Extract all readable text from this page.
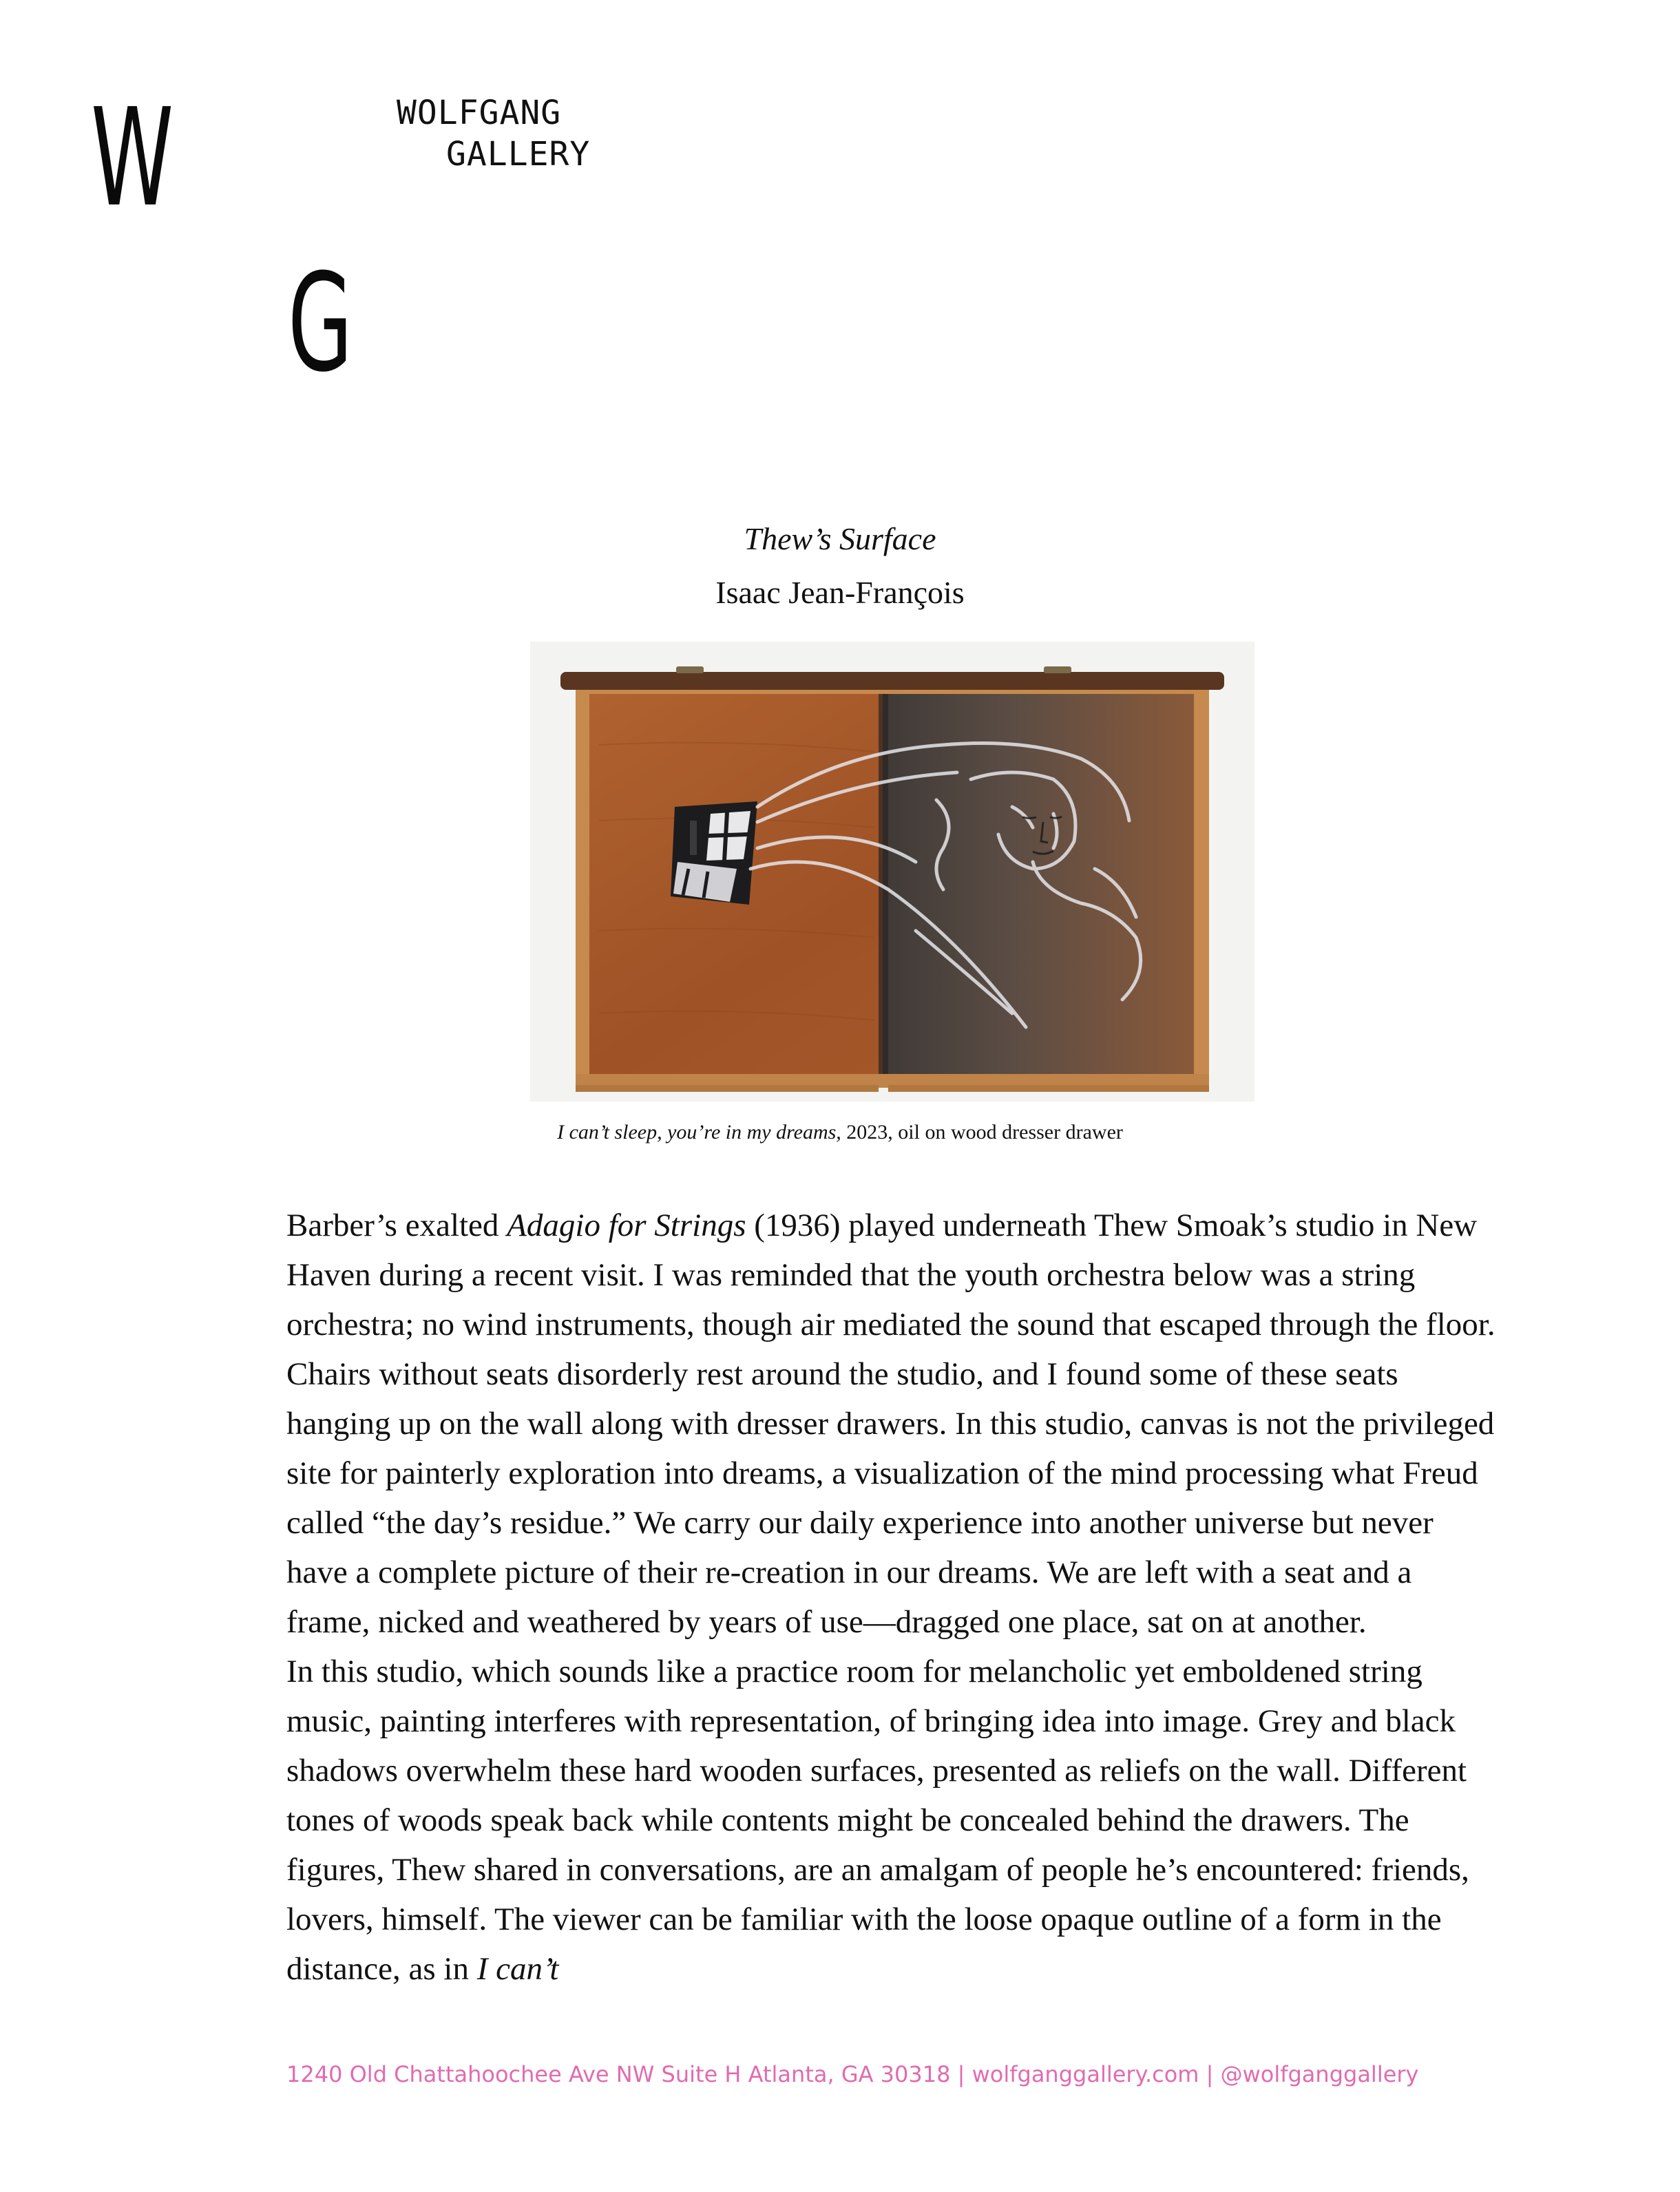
W
G
WOLFGANG
GALLERY
Thew’s Surface
Isaac Jean-François
I can’t sleep, you’re in my dreams, 2023, oil on wood dresser drawer

Barber’s exalted Adagio for Strings (1936) played underneath Thew Smoak’s studio in New Haven during a recent visit. I was reminded that the youth orchestra below was a string orchestra; no wind instruments, though air mediated the sound that escaped through the floor. Chairs without seats disorderly rest around the studio, and I found some of these seats hanging up on the wall along with dresser drawers. In this studio, canvas is not the privileged site for painterly exploration into dreams, a visualization of the mind processing what Freud called “the day’s residue.” We carry our daily experience into another universe but never have a complete picture of their re-creation in our dreams. We are left with a seat and a frame, nicked and weathered by years of use––dragged one place, sat on at another.

In this studio, which sounds like a practice room for melancholic yet emboldened string music, painting interferes with representation, of bringing idea into image. Grey and black shadows overwhelm these hard wooden surfaces, presented as reliefs on the wall. Different tones of woods speak back while contents might be concealed behind the drawers. The figures, Thew shared in conversations, are an amalgam of people he’s encountered: friends, lovers, himself. The viewer can be familiar with the loose opaque outline of a form in the distance, as in I can’t

1240 Old Chattahoochee Ave NW Suite H Atlanta, GA 30318 | wolfganggallery.com | @wolfganggallery
